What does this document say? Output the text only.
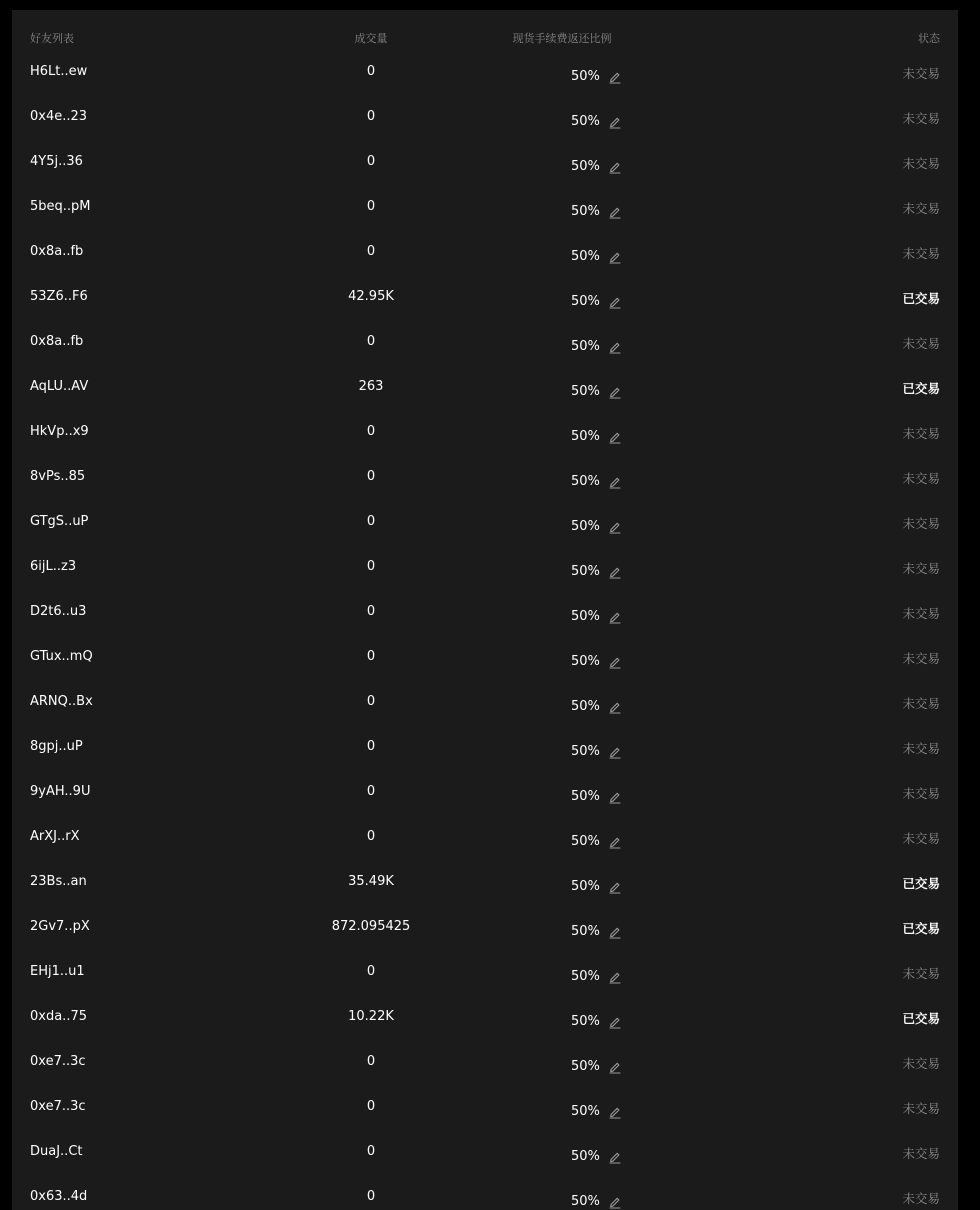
好友列表	成交量	现货手续费返还比例	状态
H6Lt..ew	0	50%	未交易
0x4e..23	0	50%	未交易
4Y5j..36	0	50%	未交易
5beq..pM	0	50%	未交易
0x8a..fb	0	50%	未交易
53Z6..F6	42.95K	50%	已交易
0x8a..fb	0	50%	未交易
AqLU..AV	263	50%	已交易
HkVp..x9	0	50%	未交易
8vPs..85	0	50%	未交易
GTgS..uP	0	50%	未交易
6ijL..z3	0	50%	未交易
D2t6..u3	0	50%	未交易
GTux..mQ	0	50%	未交易
ARNQ..Bx	0	50%	未交易
8gpj..uP	0	50%	未交易
9yAH..9U	0	50%	未交易
ArXJ..rX	0	50%	未交易
23Bs..an	35.49K	50%	已交易
2Gv7..pX	872.095425	50%	已交易
EHj1..u1	0	50%	未交易
0xda..75	10.22K	50%	已交易
0xe7..3c	0	50%	未交易
0xe7..3c	0	50%	未交易
DuaJ..Ct	0	50%	未交易
0x63..4d	0	50%	未交易
